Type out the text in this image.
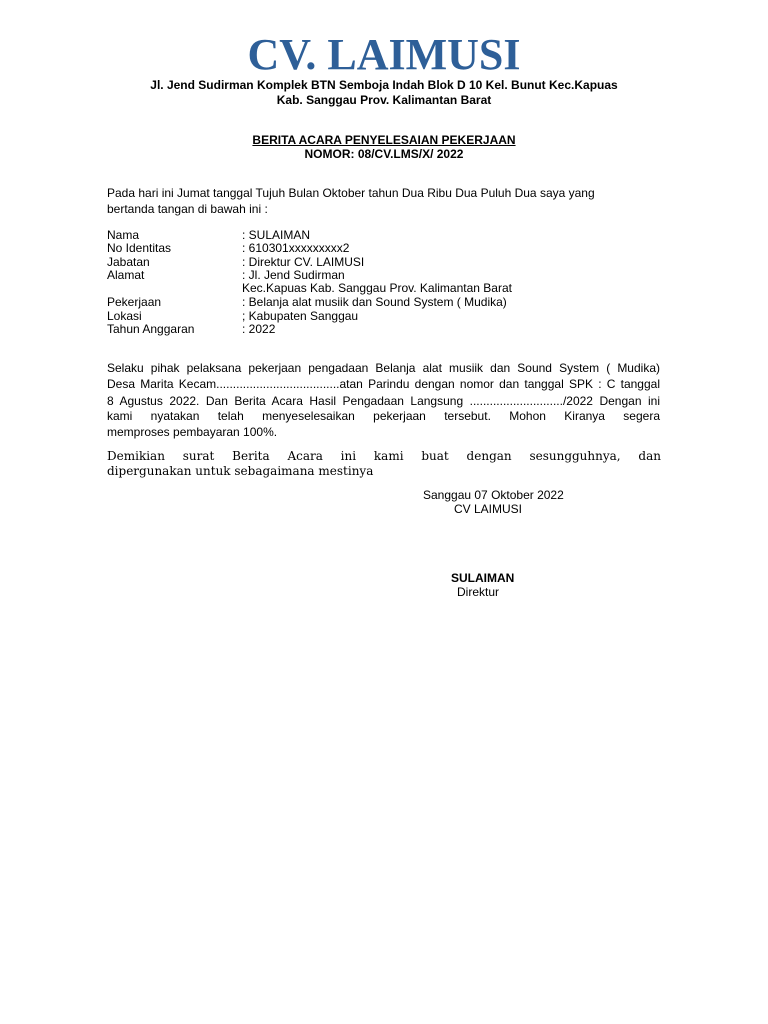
CV. LAIMUSI
Jl. Jend Sudirman Komplek BTN Semboja Indah Blok D 10 Kel. Bunut Kec.Kapuas
Kab. Sanggau Prov. Kalimantan Barat
BERITA ACARA PENYELESAIAN PEKERJAAN
NOMOR: 08/CV.LMS/X/ 2022
Pada hari ini Jumat tanggal Tujuh Bulan Oktober tahun Dua Ribu Dua Puluh Dua saya yang
bertanda tangan di bawah ini :
Nama	: SULAIMAN
No Identitas	: 610301xxxxxxxxx2
Jabatan	: Direktur CV. LAIMUSI
Alamat	: Jl. Jend Sudirman
Kec.Kapuas Kab. Sanggau Prov. Kalimantan Barat
Pekerjaan	: Belanja alat musiik dan Sound System ( Mudika)
Lokasi	; Kabupaten Sanggau
Tahun Anggaran	: 2022
Selaku pihak pelaksana pekerjaan pengadaan Belanja alat musiik dan Sound System ( Mudika)
Desa Marita Kecam.....................................atan Parindu dengan nomor dan tanggal SPK : C tanggal
8 Agustus 2022. Dan Berita Acara Hasil Pengadaan Langsung ............................/2022 Dengan ini
kami nyatakan telah menyeselesaikan pekerjaan tersebut. Mohon Kiranya segera
memproses pembayaran 100%.
Demikian surat Berita Acara ini kami buat dengan sesungguhnya, dan
dipergunakan untuk sebagaimana mestinya
Sanggau 07 Oktober 2022
CV LAIMUSI
SULAIMAN
Direktur
